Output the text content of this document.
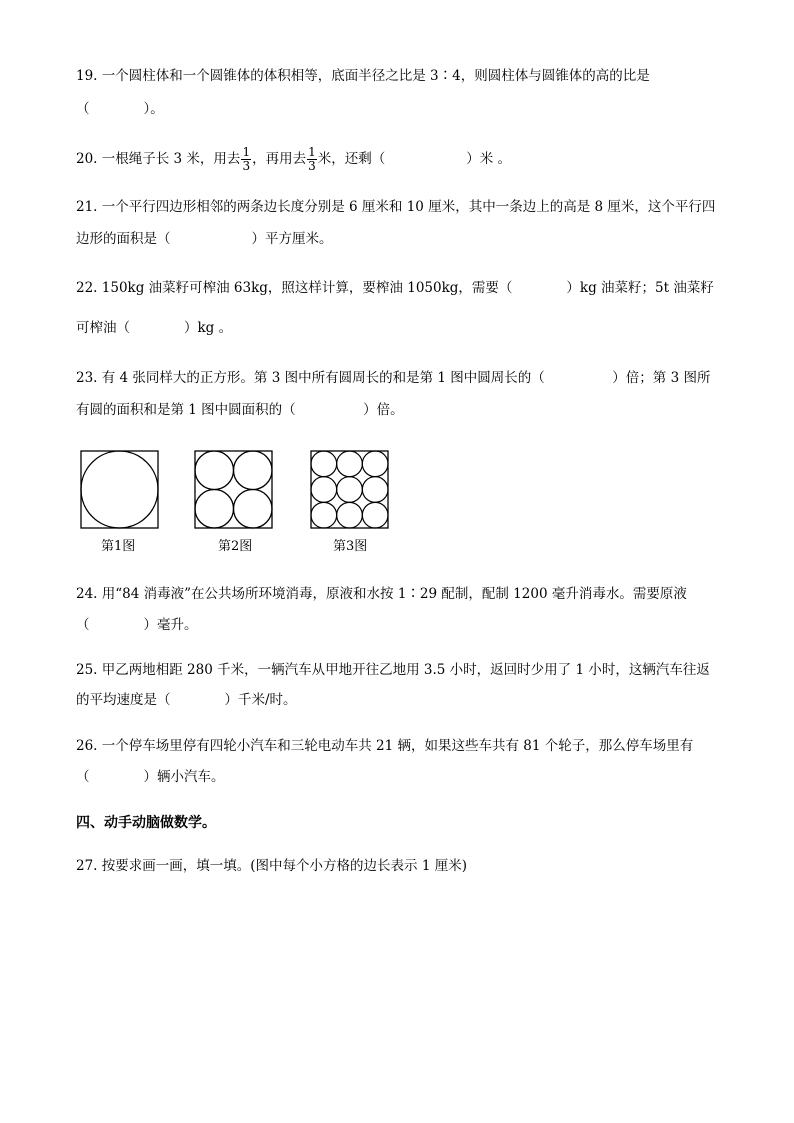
19. 一个圆柱体和一个圆锥体的体积相等，底面半径之比是 3∶4，则圆柱体与圆锥体的高的比是
（　　　　）。
20. 一根绳子长 3 米，用去 $\frac{1}{3}$ ，再用去 $\frac{1}{3}$ 米，还剩（　　　　　　）米 。
21. 一个平行四边形相邻的两条边长度分别是 6 厘米和 10 厘米，其中一条边上的高是 8 厘米，这个平行四
边形的面积是（　　　　　　）平方厘米。
22. 150kg 油菜籽可榨油 63kg，照这样计算，要榨油 1050kg，需要（　　　　）kg 油菜籽；5t 油菜籽
可榨油（　　　　）kg 。
23. 有 4 张同样大的正方形。第 3 图中所有圆周长的和是第 1 图中圆周长的（　　　　　）倍；第 3 图所
有圆的面积和是第 1 图中圆面积的（　　　　　）倍。
第1图	第2图	第3图
24. 用“84 消毒液”在公共场所环境消毒，原液和水按 1∶29 配制，配制 1200 毫升消毒水。需要原液
（　　　　）毫升。
25. 甲乙两地相距 280 千米，一辆汽车从甲地开往乙地用 3.5 小时，返回时少用了 1 小时，这辆汽车往返
的平均速度是（　　　　）千米/时。
26. 一个停车场里停有四轮小汽车和三轮电动车共 21 辆，如果这些车共有 81 个轮子，那么停车场里有
（　　　　）辆小汽车。
四、动手动脑做数学。
27. 按要求画一画，填一填。(图中每个小方格的边长表示 1 厘米)
